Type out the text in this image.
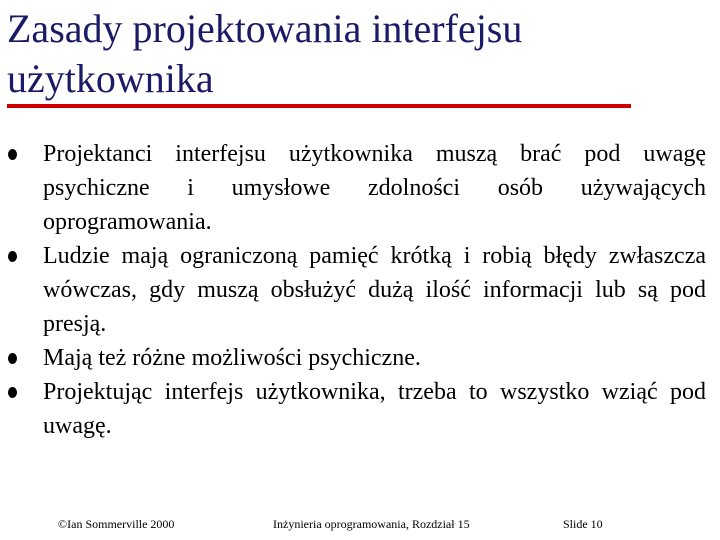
Zasady projektowania interfejsu użytkownika
Projektanci interfejsu użytkownika muszą brać pod uwagę psychiczne i umysłowe zdolności osób używających oprogramowania.
Ludzie mają ograniczoną pamięć krótką i robią błędy zwłaszcza wówczas, gdy muszą obsłużyć dużą ilość informacji lub są pod presją.
Mają też różne możliwości psychiczne.
Projektując interfejs użytkownika, trzeba to wszystko wziąć pod uwagę.
©Ian Sommerville 2000	Inżynieria oprogramowania, Rozdział 15	Slide 10
